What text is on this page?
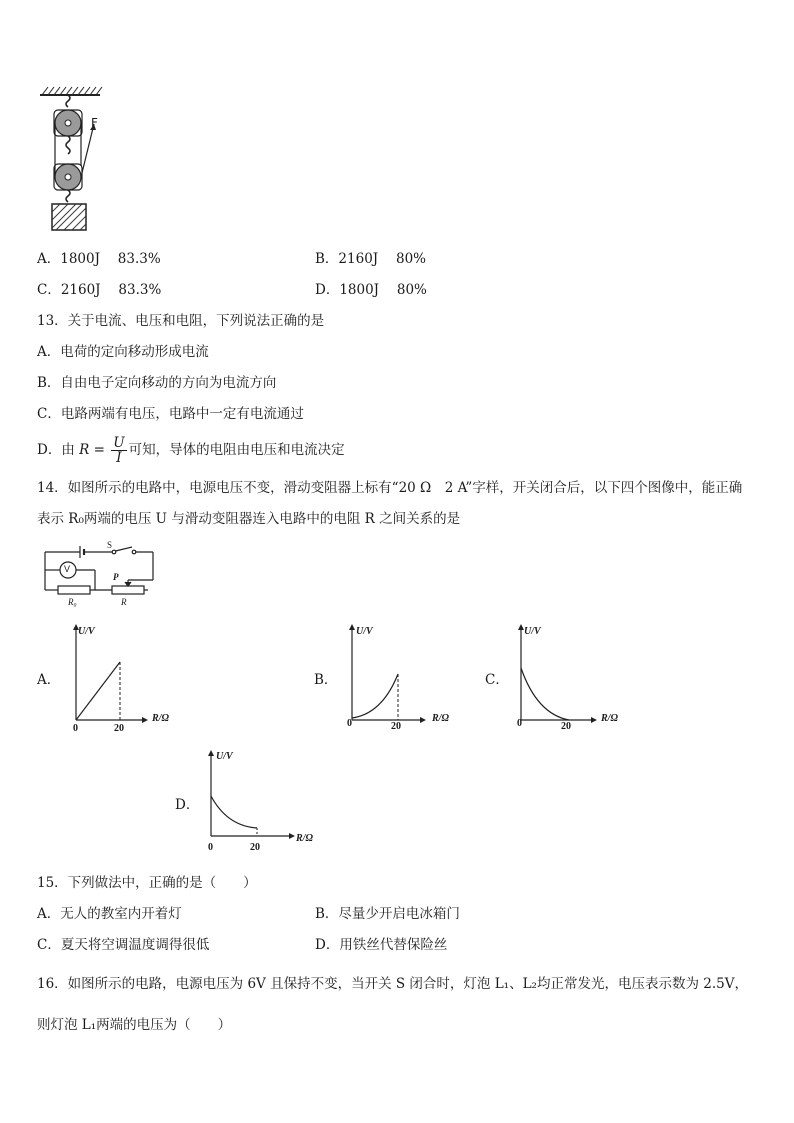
F
A．1800J　 83.3%	B．2160J　 80%
C．2160J　 83.3%	D．1800J　 80%
13．关于电流、电压和电阻，下列说法正确的是
A．电荷的定向移动形成电流
B．自由电子定向移动的方向为电流方向
C．电路两端有电压，电路中一定有电流通过
D．由 $R = \frac{U}{I}$ 可知，导体的电阻由电压和电流决定
14．如图所示的电路中，电源电压不变，滑动变阻器上标有“20 Ω　2 A”字样，开关闭合后，以下四个图像中，能正确
表示 R₀两端的电压 U 与滑动变阻器连入电路中的电阻 R 之间关系的是
S
V
P
R₀	R
A．
U/V
R/Ω
0	20
B．
U/V
R/Ω
0	20
C．
U/V
R/Ω
0	20
D．
U/V
R/Ω
0	20
15．下列做法中，正确的是（　　）
A．无人的教室内开着灯	B．尽量少开启电冰箱门
C．夏天将空调温度调得很低	D．用铁丝代替保险丝
16．如图所示的电路，电源电压为 6V 且保持不变，当开关 S 闭合时，灯泡 L₁、L₂均正常发光，电压表示数为 2.5V，
则灯泡 L₁两端的电压为（　　）
